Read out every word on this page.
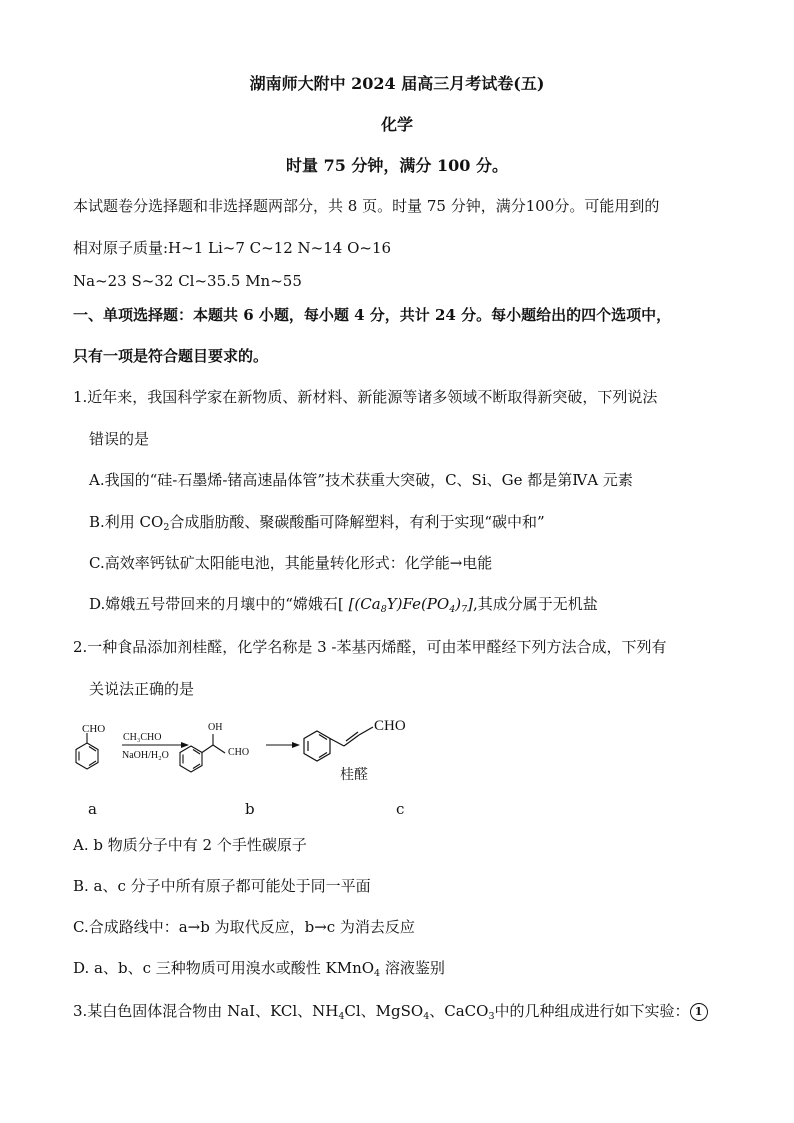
湖南师大附中 2024 届高三月考试卷(五)
化学
时量 75 分钟，满分 100 分。
本试题卷分选择题和非选择题两部分，共 8 页。时量 75 分钟，满分100分。可能用到的
相对原子质量:H~1 Li~7 C~12 N~14 O~16
Na~23 S~32 Cl~35.5 Mn~55
一、单项选择题：本题共 6 小题，每小题 4 分，共计 24 分。每小题给出的四个选项中，
只有一项是符合题目要求的。
1.近年来，我国科学家在新物质、新材料、新能源等诸多领域不断取得新突破，下列说法
错误的是
A.我国的“硅-石墨烯-锗高速晶体管”技术获重大突破，C、Si、Ge 都是第ⅣA 元素
B.利用 $CO_2$合成脂肪酸、聚碳酸酯可降解塑料，有利于实现“碳中和”
C.高效率钙钛矿太阳能电池，其能量转化形式：化学能→电能
D.嫦娥五号带回来的月壤中的“嫦娥石[ $[(Ca_8Y)Fe(PO_4)_7]$,其成分属于无机盐
2.一种食品添加剂桂醛，化学名称是 3 -苯基丙烯醛，可由苯甲醛经下列方法合成，下列有
关说法正确的是
CHO
CH₃CHO
NaOH/H₂O
OH
CHO
CHO
桂醛
a	b	c
A. b 物质分子中有 2 个手性碳原子
B. a、c 分子中所有原子都可能处于同一平面
C.合成路线中：a→b 为取代反应，b→c 为消去反应
D. a、b、c 三种物质可用溴水或酸性 KMnO$_4$ 溶液鉴别
3.某白色固体混合物由 NaI、KCl、$NH_4Cl$、MgSO$_4$、CaCO$_3$中的几种组成进行如下实验： 1
